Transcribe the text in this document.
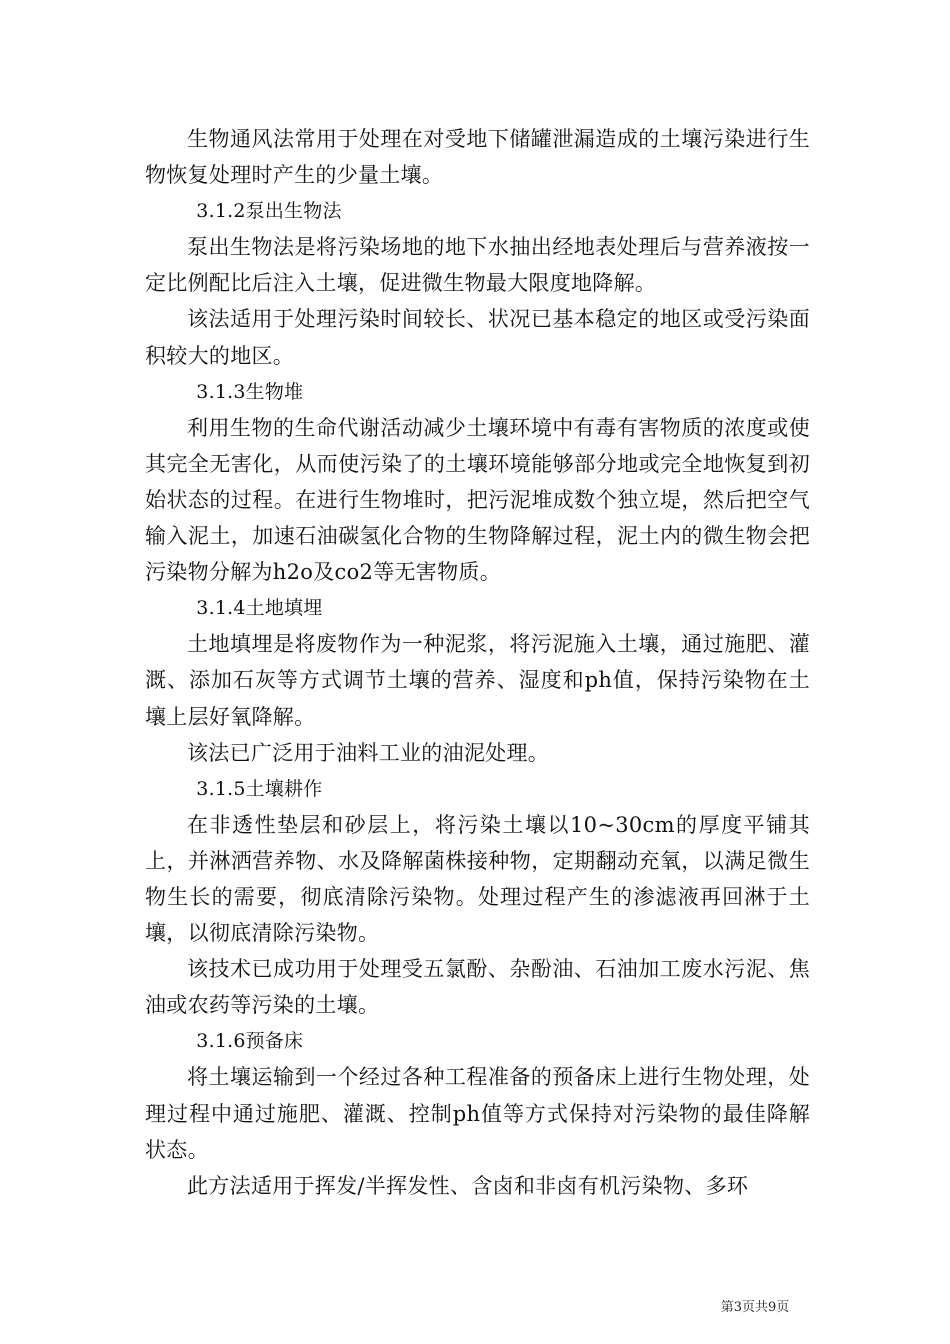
生物通风法常用于处理在对受地下储罐泄漏造成的土壤污染进行生物恢复处理时产生的少量土壤。

3.1.2泵出生物法

泵出生物法是将污染场地的地下水抽出经地表处理后与营养液按一定比例配比后注入土壤，促进微生物最大限度地降解。

该法适用于处理污染时间较长、状况已基本稳定的地区或受污染面积较大的地区。

3.1.3生物堆

利用生物的生命代谢活动减少土壤环境中有毒有害物质的浓度或使其完全无害化，从而使污染了的土壤环境能够部分地或完全地恢复到初始状态的过程。在进行生物堆时，把污泥堆成数个独立堤，然后把空气输入泥土，加速石油碳氢化合物的生物降解过程，泥土内的微生物会把污染物分解为h2o及co2等无害物质。

3.1.4土地填埋

土地填埋是将废物作为一种泥浆，将污泥施入土壤，通过施肥、灌溉、添加石灰等方式调节土壤的营养、湿度和ph值，保持污染物在土壤上层好氧降解。

该法已广泛用于油料工业的油泥处理。

3.1.5土壤耕作

在非透性垫层和砂层上，将污染土壤以10~30cm的厚度平铺其上，并淋洒营养物、水及降解菌株接种物，定期翻动充氧，以满足微生物生长的需要，彻底清除污染物。处理过程产生的渗滤液再回淋于土壤，以彻底清除污染物。

该技术已成功用于处理受五氯酚、杂酚油、石油加工废水污泥、焦油或农药等污染的土壤。

3.1.6预备床

将土壤运输到一个经过各种工程准备的预备床上进行生物处理，处理过程中通过施肥、灌溉、控制ph值等方式保持对污染物的最佳降解状态。

此方法适用于挥发/半挥发性、含卤和非卤有机污染物、多环

第3页共9页
